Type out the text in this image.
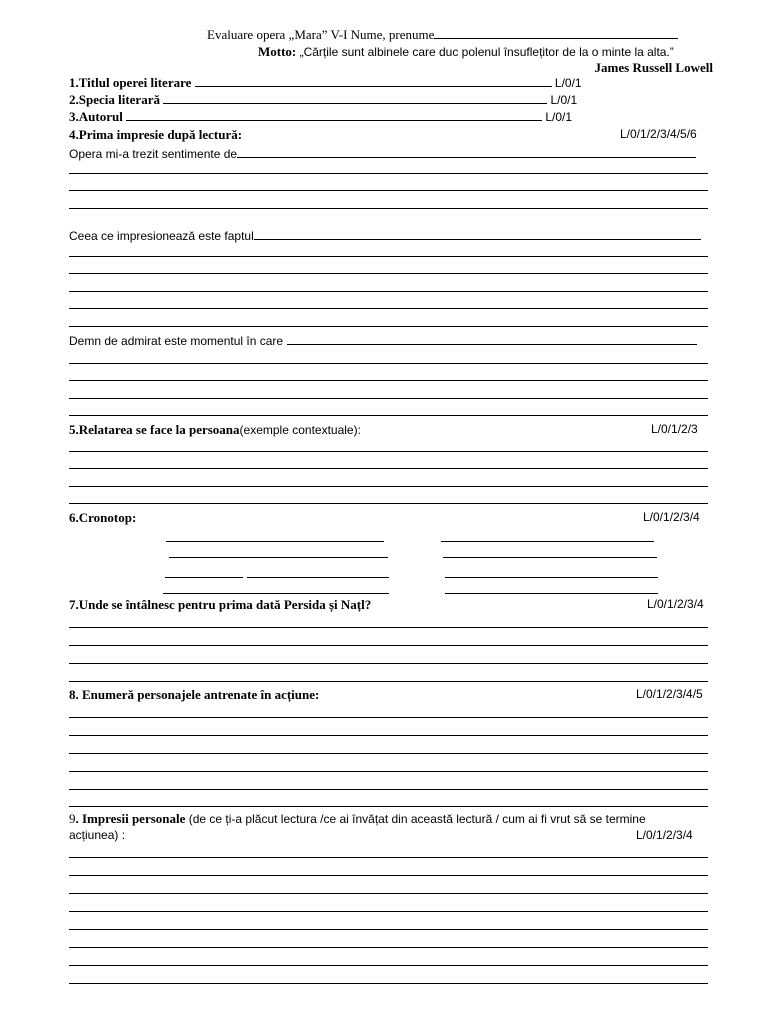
Evaluare opera „Mara” V-I Nume, prenume
Motto: „Cărțile sunt albinele care duc polenul însuflețitor de la o minte la alta.”
James Russell Lowell
1.Titlul operei literare	L/0/1
2.Specia literară	L/0/1
3.Autorul	L/0/1
4.Prima impresie după lectură:	L/0/1/2/3/4/5/6
Opera mi-a trezit sentimente de
Ceea ce impresionează este faptul
Demn de admirat este momentul în care
5.Relatarea se face la persoana(exemple contextuale):	L/0/1/2/3
6.Cronotop:	L/0/1/2/3/4
7.Unde se întâlnesc pentru prima dată Persida și Națl?	L/0/1/2/3/4
8. Enumeră personajele antrenate în acțiune:	L/0/1/2/3/4/5
9. Impresii personale (de ce ți-a plăcut lectura /ce ai învățat din această lectură / cum ai fi vrut să se termine
acțiunea) :	L/0/1/2/3/4
